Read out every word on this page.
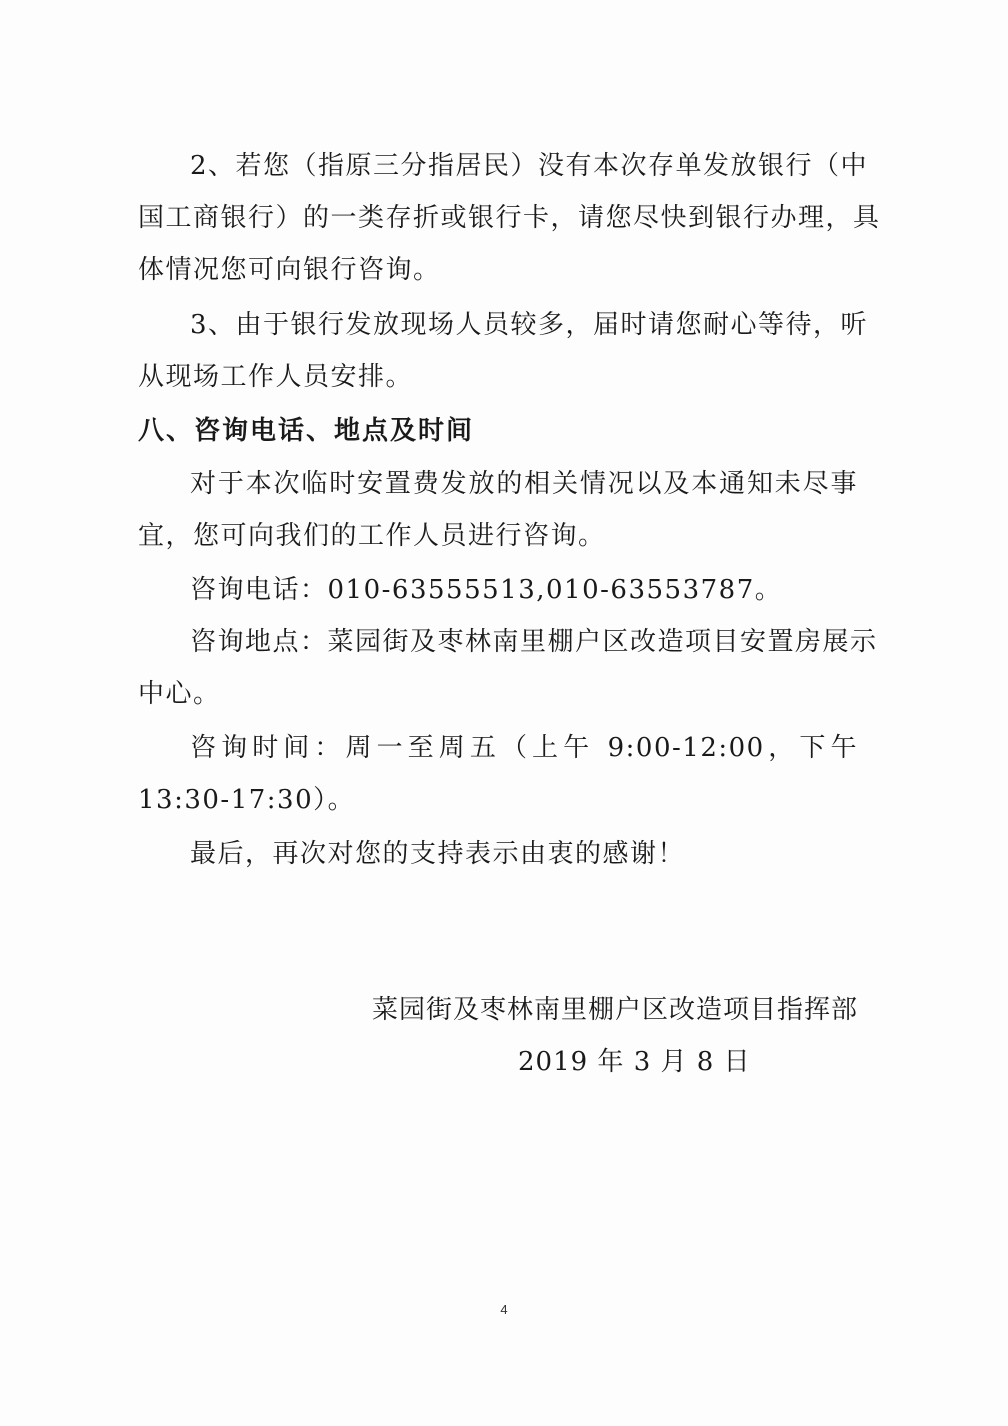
2、若您（指原三分指居民）没有本次存单发放银行（中
国工商银行）的一类存折或银行卡，请您尽快到银行办理，具
体情况您可向银行咨询。
3、由于银行发放现场人员较多，届时请您耐心等待，听
从现场工作人员安排。
八、咨询电话、地点及时间
对于本次临时安置费发放的相关情况以及本通知未尽事
宜，您可向我们的工作人员进行咨询。
咨询电话：010-63555513,010-63553787。
咨询地点：菜园街及枣林南里棚户区改造项目安置房展示
中心。
咨询时间：周一至周五（上午 9:00-12:00，下午
13:30-17:30）。
最后，再次对您的支持表示由衷的感谢！
菜园街及枣林南里棚户区改造项目指挥部
2019 年 3 月 8 日
4
